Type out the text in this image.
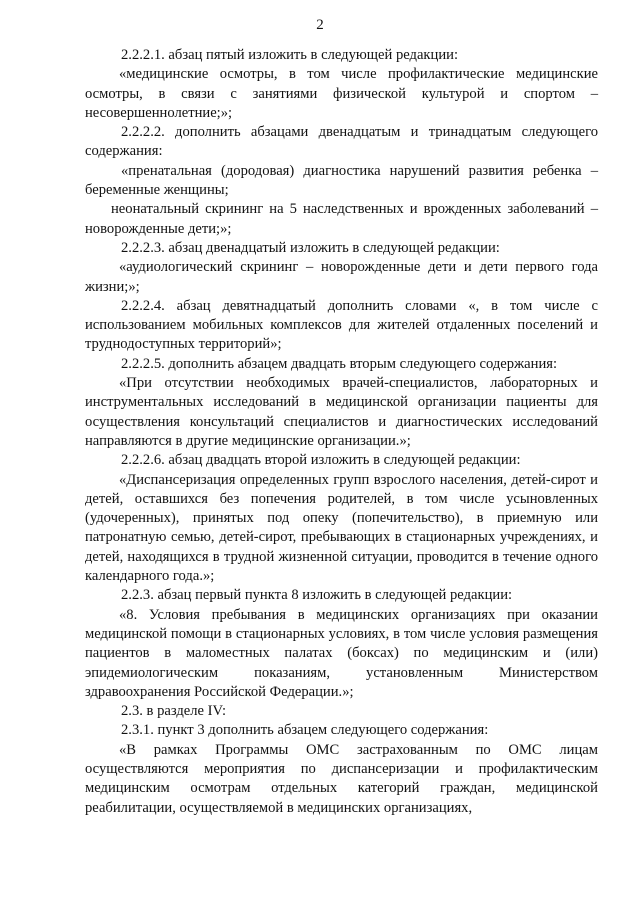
2

2.2.2.1. абзац пятый изложить в следующей редакции:

«медицинские осмотры, в том числе профилактические медицинские осмотры, в связи с занятиями физической культурой и спортом – несовершеннолетние;»;

2.2.2.2. дополнить абзацами двенадцатым и тринадцатым следующего содержания:

«пренатальная (дородовая) диагностика нарушений развития ребенка – беременные женщины;

неонатальный скрининг на 5 наследственных и врожденных заболеваний – новорожденные дети;»;

2.2.2.3. абзац двенадцатый изложить в следующей редакции:

«аудиологический скрининг – новорожденные дети и дети первого года жизни;»;

2.2.2.4. абзац девятнадцатый дополнить словами «, в том числе с использованием мобильных комплексов для жителей отдаленных поселений и труднодоступных территорий»;

2.2.2.5. дополнить абзацем двадцать вторым следующего содержания:

«При отсутствии необходимых врачей-специалистов, лабораторных и инструментальных исследований в медицинской организации пациенты для осуществления консультаций специалистов и диагностических исследований направляются в другие медицинские организации.»;

2.2.2.6. абзац двадцать второй изложить в следующей редакции:

«Диспансеризация определенных групп взрослого населения, детей-сирот и детей, оставшихся без попечения родителей, в том числе усыновленных (удочеренных), принятых под опеку (попечительство), в приемную или патронатную семью, детей-сирот, пребывающих в стационарных учреждениях, и детей, находящихся в трудной жизненной ситуации, проводится в течение одного календарного года.»;

2.2.3. абзац первый пункта 8 изложить в следующей редакции:

«8. Условия пребывания в медицинских организациях при оказании медицинской помощи в стационарных условиях, в том числе условия размещения пациентов в маломестных палатах (боксах) по медицинским и (или) эпидемиологическим показаниям, установленным Министерством здравоохранения Российской Федерации.»;

2.3. в разделе IV:

2.3.1. пункт 3 дополнить абзацем следующего содержания:

«В рамках Программы ОМС застрахованным по ОМС лицам осуществляются мероприятия по диспансеризации и профилактическим медицинским осмотрам отдельных категорий граждан, медицинской реабилитации, осуществляемой в медицинских организациях,
